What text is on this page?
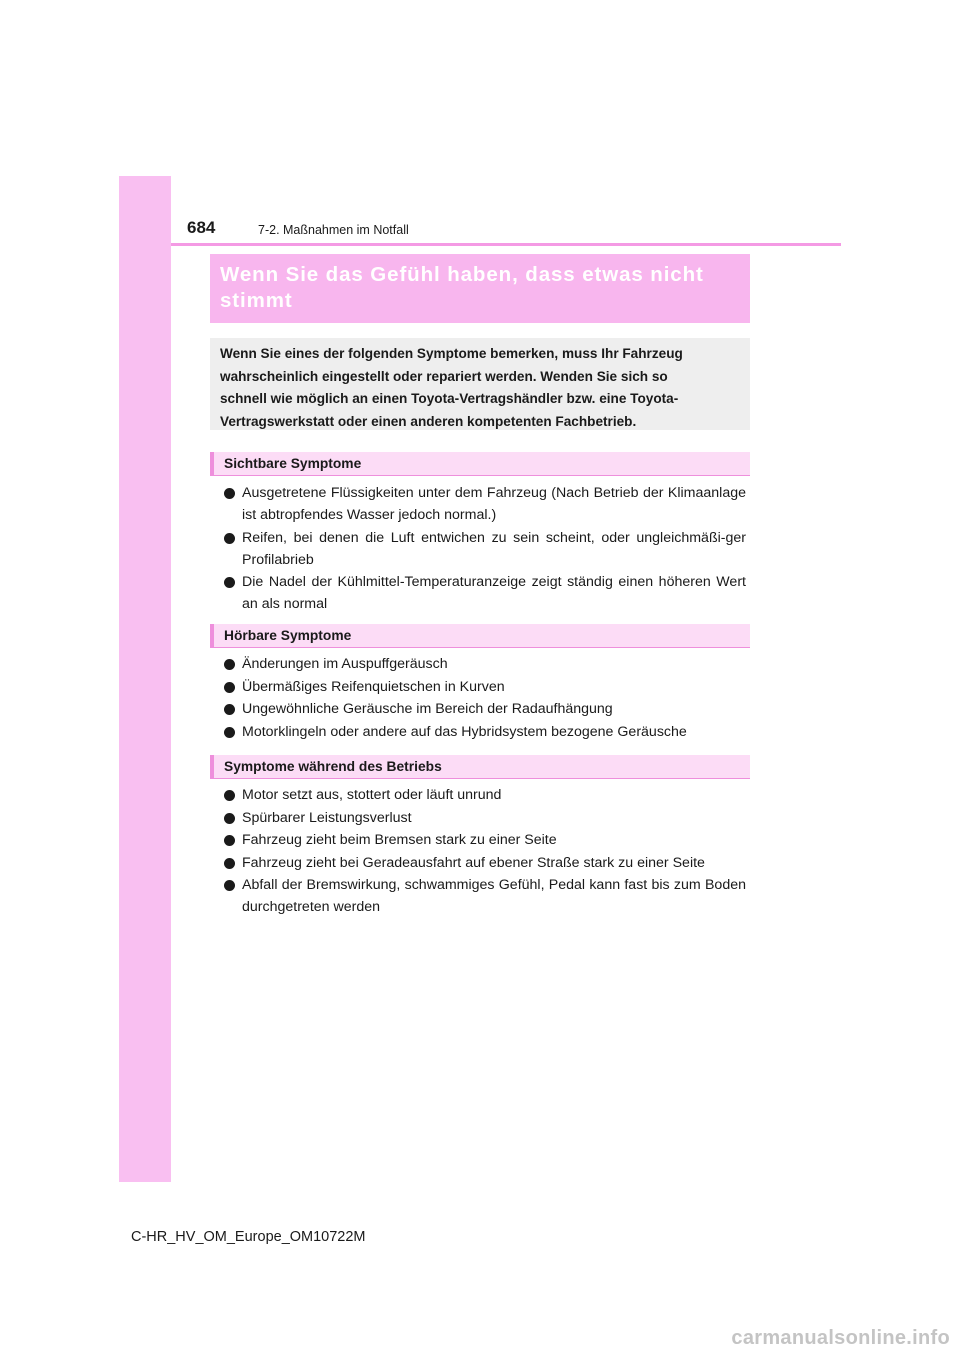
684	7-2. Maßnahmen im Notfall
Wenn Sie das Gefühl haben, dass etwas nicht
stimmt

Wenn Sie eines der folgenden Symptome bemerken, muss Ihr Fahrzeug
wahrscheinlich eingestellt oder repariert werden. Wenden Sie sich so
schnell wie möglich an einen Toyota-Vertragshändler bzw. eine Toyota-
Vertragswerkstatt oder einen anderen kompetenten Fachbetrieb.

Sichtbare Symptome
Ausgetretene Flüssigkeiten unter dem Fahrzeug (Nach Betrieb der Klimaanlage ist abtropfendes Wasser jedoch normal.)
Reifen, bei denen die Luft entwichen zu sein scheint, oder ungleichmäßi-ger Profilabrieb
Die Nadel der Kühlmittel-Temperaturanzeige zeigt ständig einen höheren Wert an als normal
Hörbare Symptome
Änderungen im Auspuffgeräusch
Übermäßiges Reifenquietschen in Kurven
Ungewöhnliche Geräusche im Bereich der Radaufhängung
Motorklingeln oder andere auf das Hybridsystem bezogene Geräusche
Symptome während des Betriebs
Motor setzt aus, stottert oder läuft unrund
Spürbarer Leistungsverlust
Fahrzeug zieht beim Bremsen stark zu einer Seite
Fahrzeug zieht bei Geradeausfahrt auf ebener Straße stark zu einer Seite
Abfall der Bremswirkung, schwammiges Gefühl, Pedal kann fast bis zum Boden durchgetreten werden
C-HR_HV_OM_Europe_OM10722M
carmanualsonline.info
